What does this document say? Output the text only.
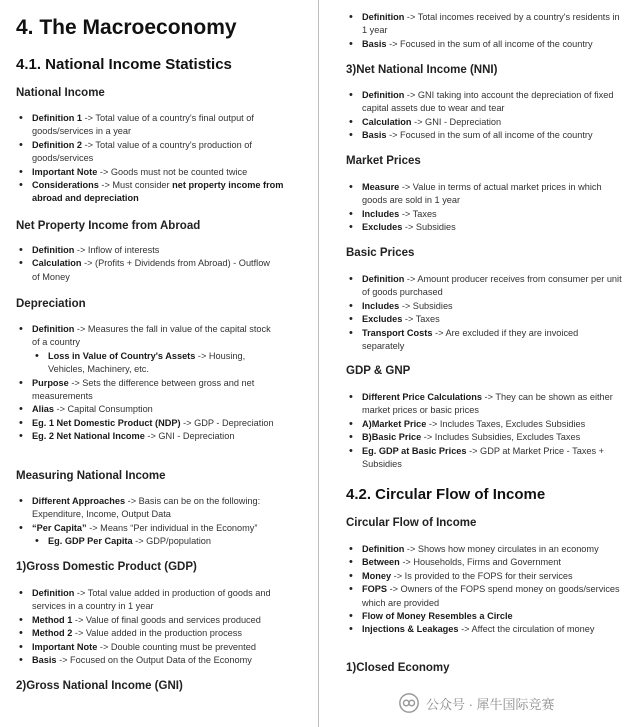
4. The Macroeconomy
4.1. National Income Statistics
National Income
• Definition 1 -> Total value of a country's final output of goods/services in a year
• Definition 2 -> Total value of a country's production of goods/services
• Important Note -> Goods must not be counted twice
• Considerations -> Must consider net property income from abroad and depreciation
Net Property Income from Abroad
• Definition -> Inflow of interests
• Calculation -> (Profits + Dividends from Abroad) - Outflow of Money
Depreciation
• Definition -> Measures the fall in value of the capital stock of a country
• Loss in Value of Country's Assets -> Housing, Vehicles, Machinery, etc.
• Purpose -> Sets the difference between gross and net measurements
• Alias -> Capital Consumption
• Eg. 1 Net Domestic Product (NDP) -> GDP - Depreciation
• Eg. 2 Net National Income -> GNI - Depreciation
Measuring National Income
• Different Approaches -> Basis can be on the following: Expenditure, Income, Output Data
• “Per Capita” -> Means “Per individual in the Economy”
• Eg. GDP Per Capita -> GDP/population
1)Gross Domestic Product (GDP)
• Definition -> Total value added in production of goods and services in a country in 1 year
• Method 1 -> Value of final goods and services produced
• Method 2 -> Value added in the production process
• Important Note -> Double counting must be prevented
• Basis -> Focused on the Output Data of the Economy
2)Gross National Income (GNI)
• Definition -> Total incomes received by a country's residents in 1 year
• Basis -> Focused in the sum of all income of the country
3)Net National Income (NNI)
• Definition -> GNI taking into account the depreciation of fixed capital assets due to wear and tear
• Calculation -> GNI - Depreciation
• Basis -> Focused in the sum of all income of the country
Market Prices
• Measure -> Value in terms of actual market prices in which goods are sold in 1 year
• Includes -> Taxes
• Excludes -> Subsidies
Basic Prices
• Definition -> Amount producer receives from consumer per unit of goods purchased
• Includes -> Subsidies
• Excludes -> Taxes
• Transport Costs -> Are excluded if they are invoiced separately
GDP & GNP
• Different Price Calculations -> They can be shown as either market prices or basic prices
• A)Market Price -> Includes Taxes, Excludes Subsidies
• B)Basic Price -> Includes Subsidies, Excludes Taxes
• Eg. GDP at Basic Prices -> GDP at Market Price - Taxes + Subsidies
4.2. Circular Flow of Income
Circular Flow of Income
• Definition -> Shows how money circulates in an economy
• Between -> Households, Firms and Government
• Money -> Is provided to the FOPS for their services
• FOPS -> Owners of the FOPS spend money on goods/services which are provided
• Flow of Money Resembles a Circle
• Injections & Leakages -> Affect the circulation of money
1)Closed Economy
公众号 · 犀牛国际竞赛
